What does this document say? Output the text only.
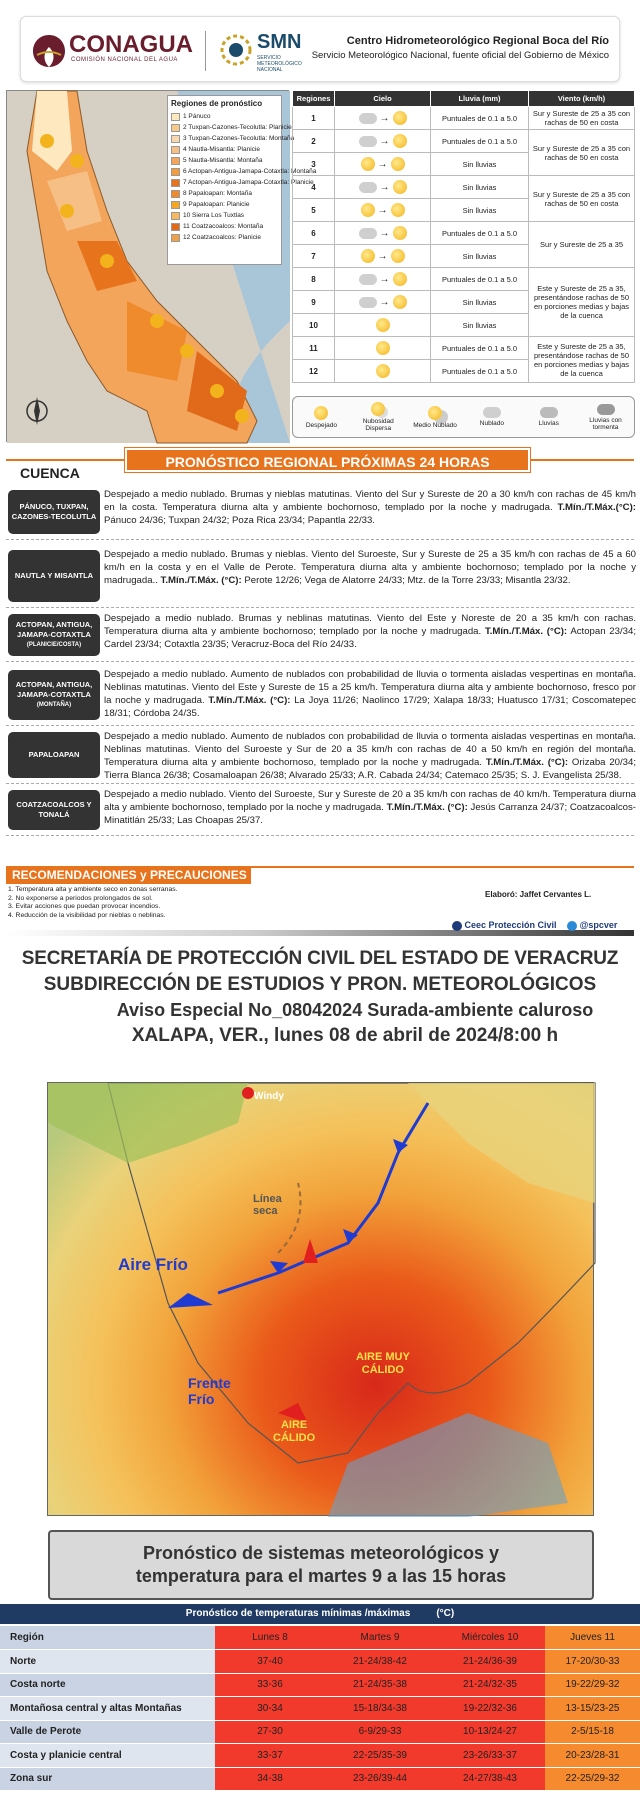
CONAGUA
COMISIÓN NACIONAL DEL AGUA
SMN
SERVICIO METEOROLÓGICO NACIONAL
Centro Hidrometeorológico Regional Boca del Río
Servicio Meteorológico Nacional, fuente oficial del Gobierno de México
Regiones de pronóstico
1 Pánuco
2 Tuxpan-Cazones-Tecolutla: Planicie
3 Tuxpan-Cazones-Tecolutla: Montaña
4 Nautla-Misantla: Planicie
5 Nautla-Misantla: Montaña
6 Actopan-Antigua-Jamapa-Cotaxtla: Montaña
7 Actopan-Antigua-Jamapa-Cotaxtla: Planicie
8 Papaloapan: Montaña
9 Papaloapan: Planicie
10 Sierra Los Tuxtlas
11 Coatzacoalcos: Montaña
12 Coatzacoalcos: Planicie
Regiones	Cielo	Lluvia (mm)	Viento (km/h)
1	→	Puntuales de 0.1 a 5.0	Sur y Sureste de 25 a 35 con rachas de 50 en costa
2	→	Puntuales de 0.1 a 5.0	Sur y Sureste de 25 a 35 con rachas de 50 en costa
3	→	Sin lluvias	
4	→	Sin lluvias	Sur y Sureste de 25 a 35 con rachas de 50 en costa
5	→	Sin lluvias	
6	→	Puntuales de 0.1 a 5.0	Sur y Sureste de 25 a 35
7	→	Sin lluvias	
8	→	Puntuales de 0.1 a 5.0	Este y Sureste de 25 a 35, presentándose rachas de 50 en porciones medias y bajas de la cuenca
9	→	Sin lluvias	
10		Sin lluvias	
11		Puntuales de 0.1 a 5.0	Este y Sureste de 25 a 35, presentándose rachas de 50 en porciones medias y bajas de la cuenca
12		Puntuales de 0.1 a 5.0	
Despejado	Nubosidad Dispersa	Medio Nublado	Nublado	Lluvias	Lluvias con tormenta
PRONÓSTICO REGIONAL PRÓXIMAS 24 HORAS
CUENCA
PÁNUCO, TUXPAN, CAZONES-TECOLUTLA
Despejado a medio nublado. Brumas y nieblas matutinas. Viento del Sur y Sureste de 20 a 30 km/h con rachas de 45 km/h en la costa. Temperatura diurna alta y ambiente bochornoso, templado por la noche y madrugada. T.Mín./T.Máx.(°C): Pánuco 24/36; Tuxpan 24/32; Poza Rica 23/34; Papantla 22/33.
NAUTLA Y MISANTLA
Despejado a medio nublado. Brumas y nieblas. Viento del Suroeste, Sur y Sureste de 25 a 35 km/h con rachas de 45 a 60 km/h en la costa y en el Valle de Perote. Temperatura diurna alta y ambiente bochornoso; templado por la noche y madrugada.. T.Mín./T.Máx. (°C): Perote 12/26; Vega de Alatorre 24/33; Mtz. de la Torre 23/33; Misantla 23/32.
ACTOPAN, ANTIGUA, JAMAPA-COTAXTLA
(PLANICIE/COSTA)
Despejado a medio nublado. Brumas y neblinas matutinas. Viento del Este y Noreste de 20 a 35 km/h con rachas. Temperatura diurna alta y ambiente bochornoso; templado por la noche y madrugada. T.Mín./T.Máx. (°C): Actopan 23/34; Cardel 23/34; Cotaxtla 23/35; Veracruz-Boca del Río 24/33.
ACTOPAN, ANTIGUA, JAMAPA-COTAXTLA
(MONTAÑA)
Despejado a medio nublado. Aumento de nublados con probabilidad de lluvia o tormenta aisladas vespertinas en montaña. Neblinas matutinas. Viento del Este y Sureste de 15 a 25 km/h. Temperatura diurna alta y ambiente bochornoso, fresco por la noche y madrugada. T.Mín./T.Máx. (°C): La Joya 11/26; Naolinco 17/29; Xalapa 18/33; Huatusco 17/31; Coscomatepec 18/31; Córdoba 24/35.
PAPALOAPAN
Despejado a medio nublado. Aumento de nublados con probabilidad de lluvia o tormenta aisladas vespertinas en montaña. Neblinas matutinas. Viento del Suroeste y Sur de 20 a 35 km/h con rachas de 40 a 50 km/h en región del montaña. Temperatura diurna alta y ambiente bochornoso, templado por la noche y madrugada. T.Mín./T.Máx. (°C): Orizaba 20/34; Tierra Blanca 26/38; Cosamaloapan 26/38; Alvarado 25/33; A.R. Cabada 24/34; Catemaco 25/35; S. J. Evangelista 25/38.
COATZACOALCOS Y TONALÁ
Despejado a medio nublado. Viento del Suroeste, Sur y Sureste de 20 a 35 km/h con rachas de 40 km/h. Temperatura diurna alta y ambiente bochornoso, templado por la noche y madrugada. T.Mín./T.Máx. (°C): Jesús Carranza 24/37; Coatzacoalcos-Minatitlán 25/33; Las Choapas 25/37.
RECOMENDACIONES y PRECAUCIONES
1. Temperatura alta y ambiente seco en zonas serranas.
2. No exponerse a periodos prolongados de sol.
3. Evitar acciones que puedan provocar incendios.
4. Reducción de la visibilidad por nieblas o neblinas.
Elaboró: Jaffet Cervantes L.
Ceec Protección Civil	@spcver
SECRETARÍA DE PROTECCIÓN CIVIL DEL ESTADO DE VERACRUZ
SUBDIRECCIÓN DE ESTUDIOS Y PRON. METEOROLÓGICOS
Aviso Especial No_08042024 Surada-ambiente caluroso
XALAPA, VER., lunes 08 de abril de 2024/8:00 h
Aire Frío
Windy
Línea seca
Frente
Frío
AIRE MUY
CÁLIDO
AIRE
CÁLIDO
Pronóstico de sistemas meteorológicos y
temperatura para el martes 9 a las 15 horas
Pronóstico de temperaturas mínimas /máximas	(°C)
Región	Lunes 8	Martes 9	Miércoles 10	Jueves 11
Norte	37-40	21-24/38-42	21-24/36-39	17-20/30-33
Costa norte	33-36	21-24/35-38	21-24/32-35	19-22/29-32
Montañosa central y altas Montañas	30-34	15-18/34-38	19-22/32-36	13-15/23-25
Valle de Perote	27-30	6-9/29-33	10-13/24-27	2-5/15-18
Costa y planicie central	33-37	22-25/35-39	23-26/33-37	20-23/28-31
Zona sur	34-38	23-26/39-44	24-27/38-43	22-25/29-32
